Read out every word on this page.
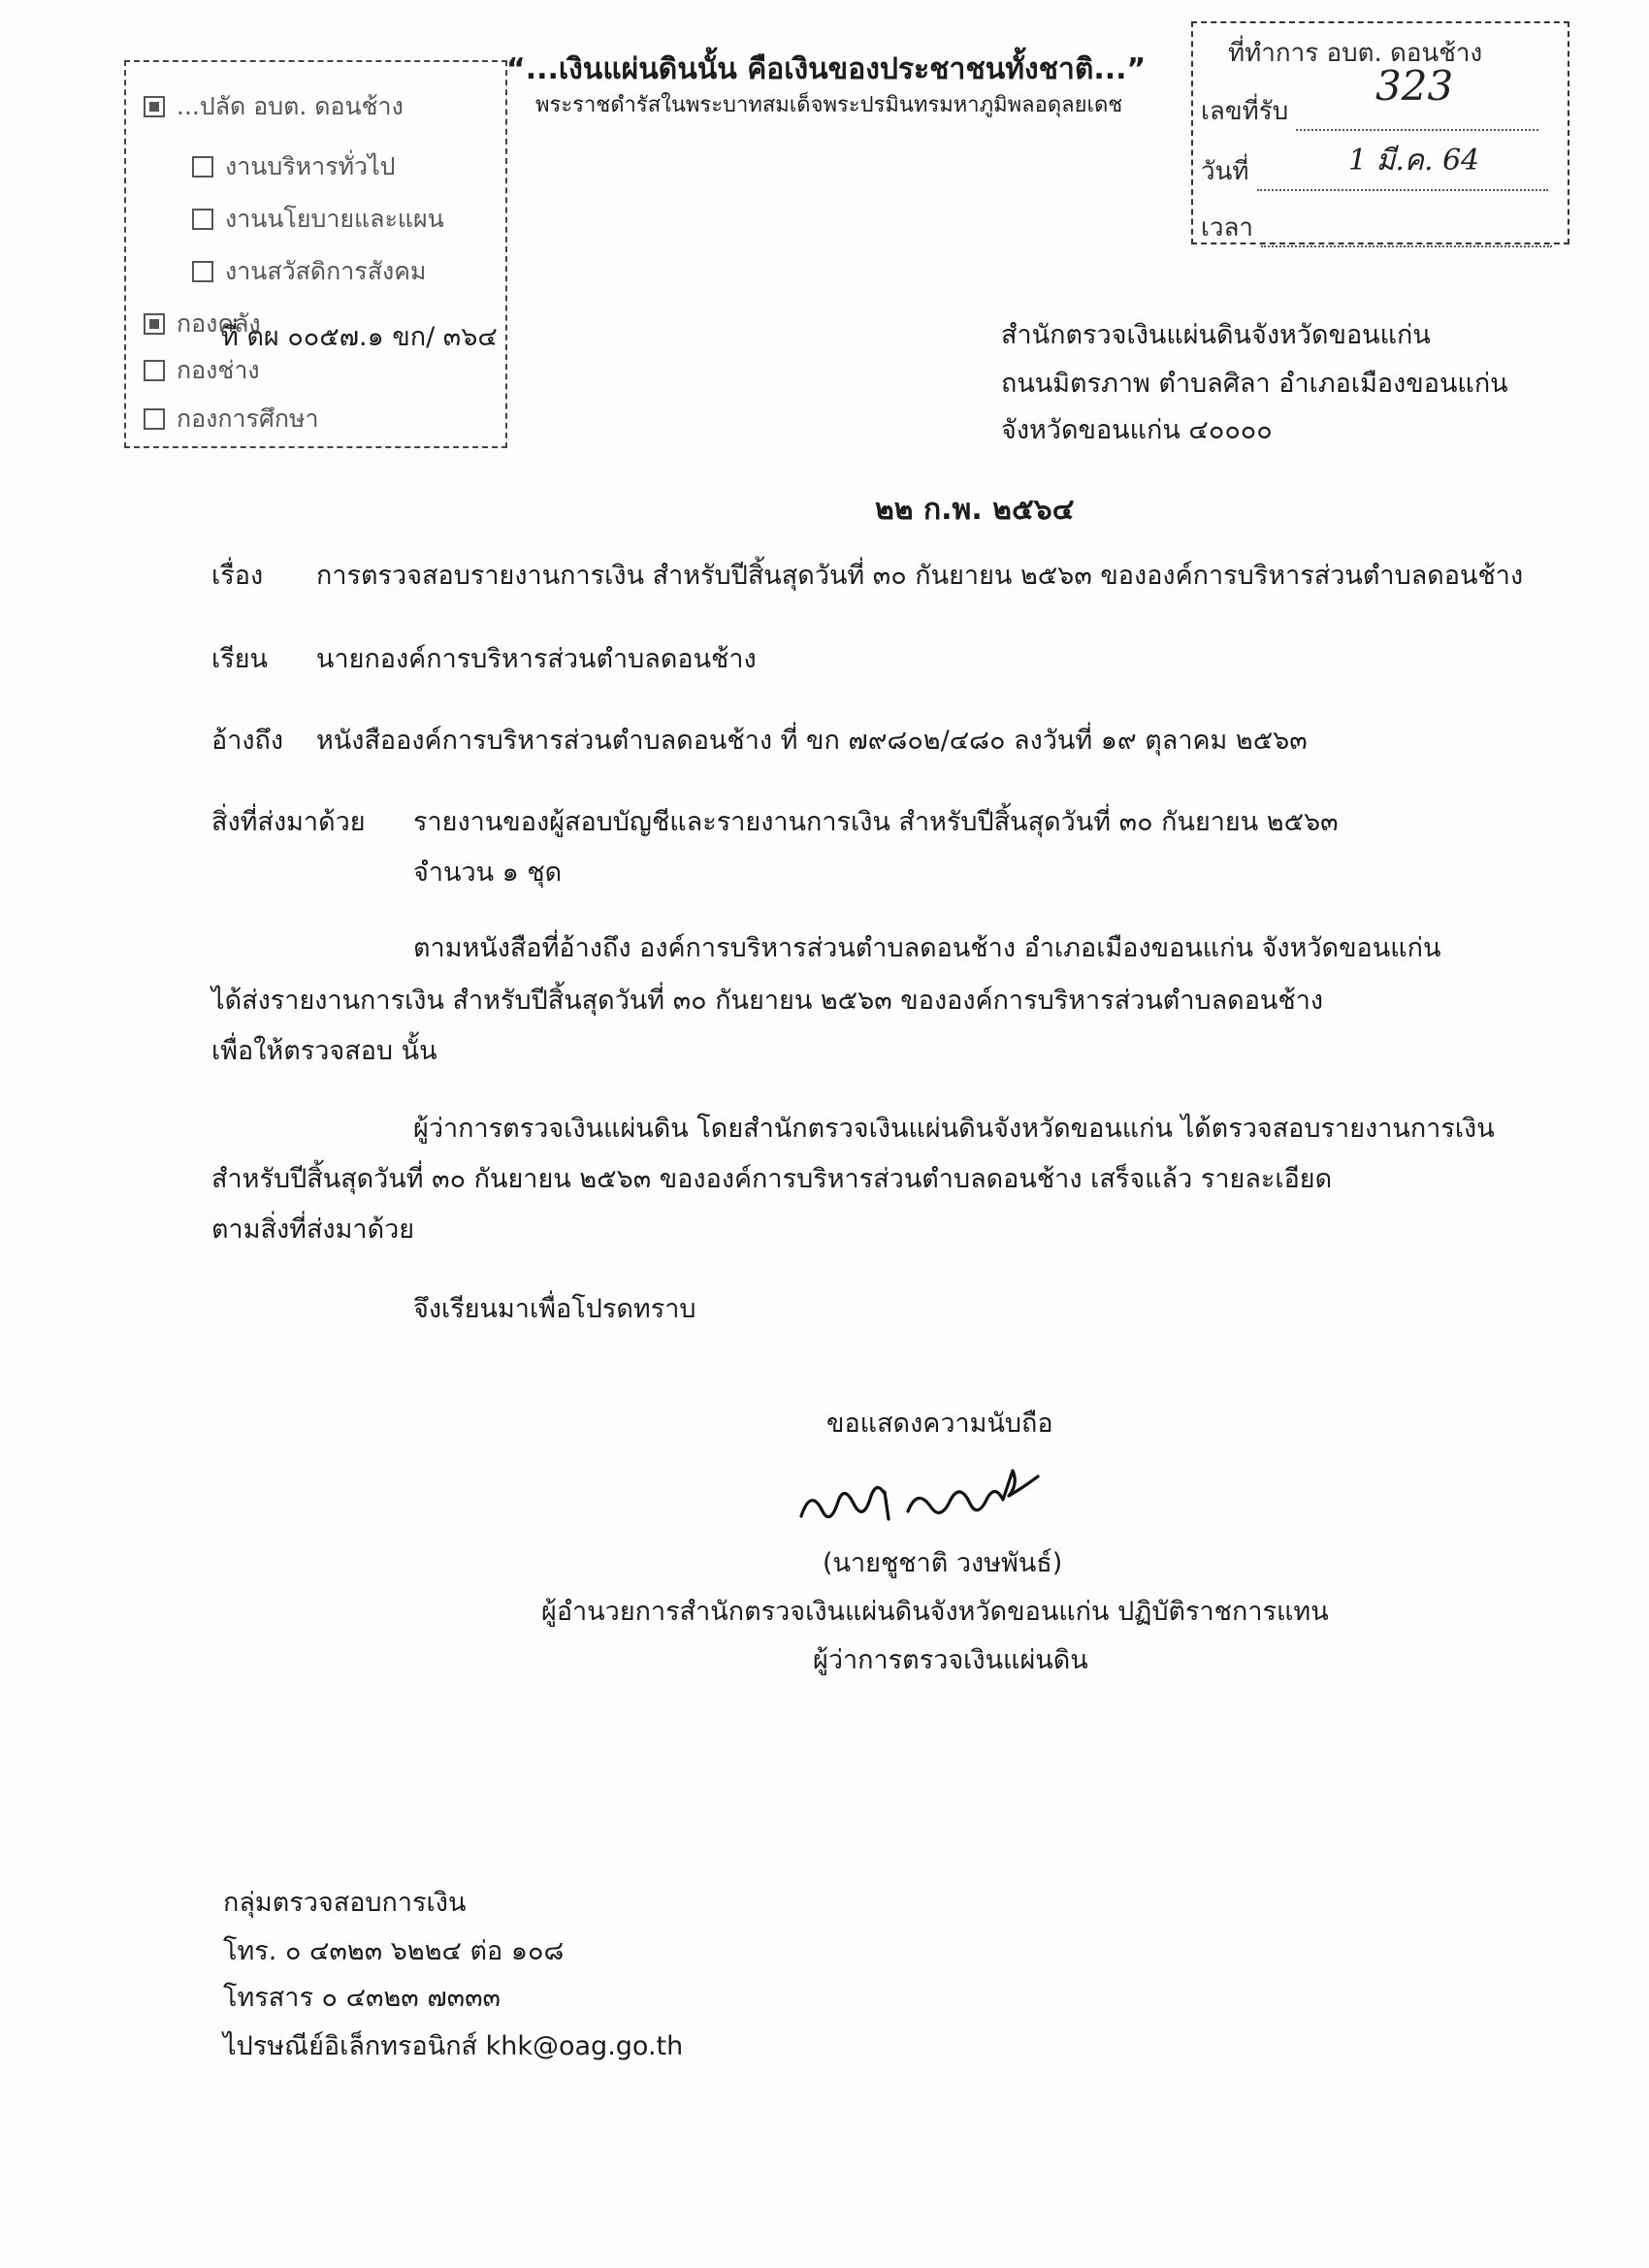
“...เงินแผ่นดินนั้น คือเงินของประชาชนทั้งชาติ...”
พระราชดำรัสในพระบาทสมเด็จพระปรมินทรมหาภูมิพลอดุลยเดช
...ปลัด อบต. ดอนช้าง
งานบริหารทั่วไป
งานนโยบายและแผน
งานสวัสดิการสังคม
กองคลัง
กองช่าง
กองการศึกษา
ที่ ตผ ๐๐๕๗.๑ ขก/ ๓๖๔
ที่ทำการ อบต. ดอนช้าง
เลขที่รับ
323
วันที่	1 มี.ค. 64
เวลา
สำนักตรวจเงินแผ่นดินจังหวัดขอนแก่น
ถนนมิตรภาพ ตำบลศิลา อำเภอเมืองขอนแก่น
จังหวัดขอนแก่น ๔๐๐๐๐
๒๒ ก.พ. ๒๕๖๔
เรื่อง การตรวจสอบรายงานการเงิน สำหรับปีสิ้นสุดวันที่ ๓๐ กันยายน ๒๕๖๓ ขององค์การบริหารส่วนตำบลดอนช้าง
เรียน นายกองค์การบริหารส่วนตำบลดอนช้าง
อ้างถึง หนังสือองค์การบริหารส่วนตำบลดอนช้าง ที่ ขก ๗๙๘๐๒/๔๘๐ ลงวันที่ ๑๙ ตุลาคม ๒๕๖๓
สิ่งที่ส่งมาด้วย รายงานของผู้สอบบัญชีและรายงานการเงิน สำหรับปีสิ้นสุดวันที่ ๓๐ กันยายน ๒๕๖๓
จำนวน ๑ ชุด
ตามหนังสือที่อ้างถึง องค์การบริหารส่วนตำบลดอนช้าง อำเภอเมืองขอนแก่น จังหวัดขอนแก่น
ได้ส่งรายงานการเงิน สำหรับปีสิ้นสุดวันที่ ๓๐ กันยายน ๒๕๖๓ ขององค์การบริหารส่วนตำบลดอนช้าง
เพื่อให้ตรวจสอบ นั้น
ผู้ว่าการตรวจเงินแผ่นดิน โดยสำนักตรวจเงินแผ่นดินจังหวัดขอนแก่น ได้ตรวจสอบรายงานการเงิน
สำหรับปีสิ้นสุดวันที่ ๓๐ กันยายน ๒๕๖๓ ขององค์การบริหารส่วนตำบลดอนช้าง เสร็จแล้ว รายละเอียด
ตามสิ่งที่ส่งมาด้วย
จึงเรียนมาเพื่อโปรดทราบ
ขอแสดงความนับถือ
(นายชูชาติ วงษพันธ์)
ผู้อำนวยการสำนักตรวจเงินแผ่นดินจังหวัดขอนแก่น ปฏิบัติราชการแทน
ผู้ว่าการตรวจเงินแผ่นดิน
กลุ่มตรวจสอบการเงิน
โทร. ๐ ๔๓๒๓ ๖๒๒๔ ต่อ ๑๐๘
โทรสาร ๐ ๔๓๒๓ ๗๓๓๓
ไปรษณีย์อิเล็กทรอนิกส์ khk@oag.go.th
